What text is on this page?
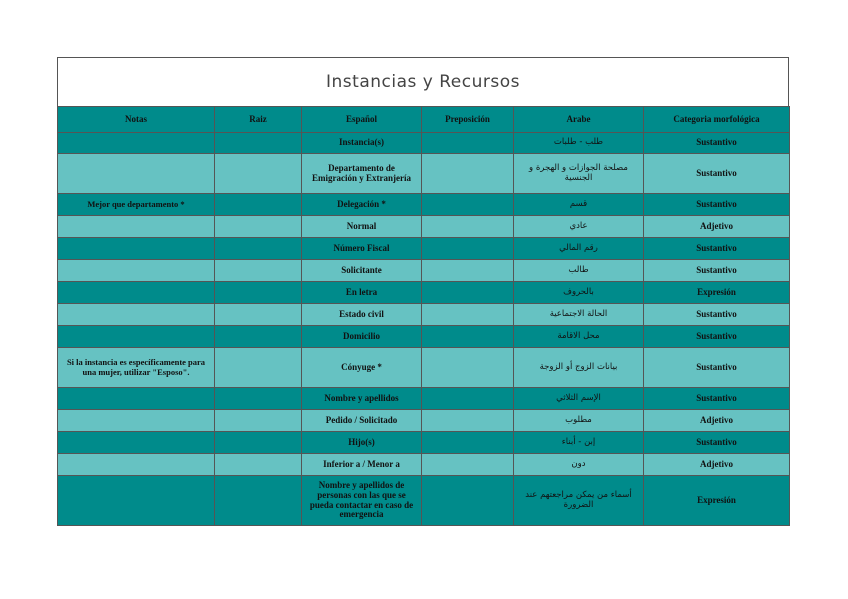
Instancias y Recursos
Notas	Raiz	Español	Preposición	Arabe	Categoria morfológica
		Instancia(s)		طلب - طلبات	Sustantivo
		Departamento de Emigración y Extranjería		مصلحة الجوازات و الهجرة و الجنسية	Sustantivo
Mejor que departamento *		Delegación *		قسم	Sustantivo
		Normal		عادي	Adjetivo
		Número Fiscal		رقم المالي	Sustantivo
		Solicitante		طالب	Sustantivo
		En letra		بالحروف	Expresión
		Estado civil		الحالة الاجتماعية	Sustantivo
		Domicilio		محل الاقامة	Sustantivo
Si la instancia es específicamente para una mujer, utilizar "Esposo".		Cónyuge *		بيانات الزوج أو الزوجة	Sustantivo
		Nombre y apellidos		الإسم الثلاثي	Sustantivo
		Pedido / Solicitado		مطلوب	Adjetivo
		Hijo(s)		إبن - أبناء	Sustantivo
		Inferior a / Menor a		دون	Adjetivo
		Nombre y apellidos de personas con las que se pueda contactar en caso de emergencia		أسماء من يمكن مراجعتهم عند الضرورة	Expresión
